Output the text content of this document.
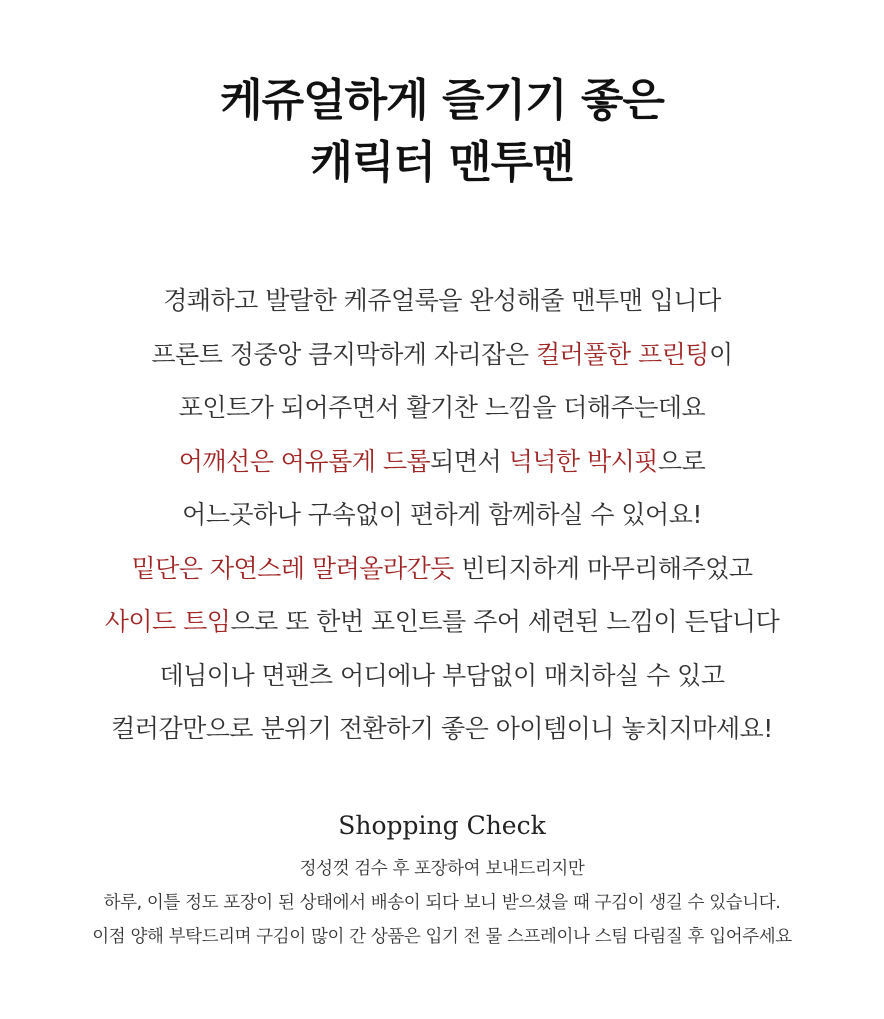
케쥬얼하게 즐기기 좋은
캐릭터 맨투맨
경쾌하고 발랄한 케쥬얼룩을 완성해줄 맨투맨 입니다
프론트 정중앙 큼지막하게 자리잡은 컬러풀한 프린팅이
포인트가 되어주면서 활기찬 느낌을 더해주는데요
어깨선은 여유롭게 드롭되면서 넉넉한 박시핏으로
어느곳하나 구속없이 편하게 함께하실 수 있어요!
밑단은 자연스레 말려올라간듯 빈티지하게 마무리해주었고
사이드 트임으로 또 한번 포인트를 주어 세련된 느낌이 든답니다
데님이나 면팬츠 어디에나 부담없이 매치하실 수 있고
컬러감만으로 분위기 전환하기 좋은 아이템이니 놓치지마세요!
Shopping Check
정성껏 검수 후 포장하여 보내드리지만
하루, 이틀 정도 포장이 된 상태에서 배송이 되다 보니 받으셨을 때 구김이 생길 수 있습니다.
이점 양해 부탁드리며 구김이 많이 간 상품은 입기 전 물 스프레이나 스팀 다림질 후 입어주세요
